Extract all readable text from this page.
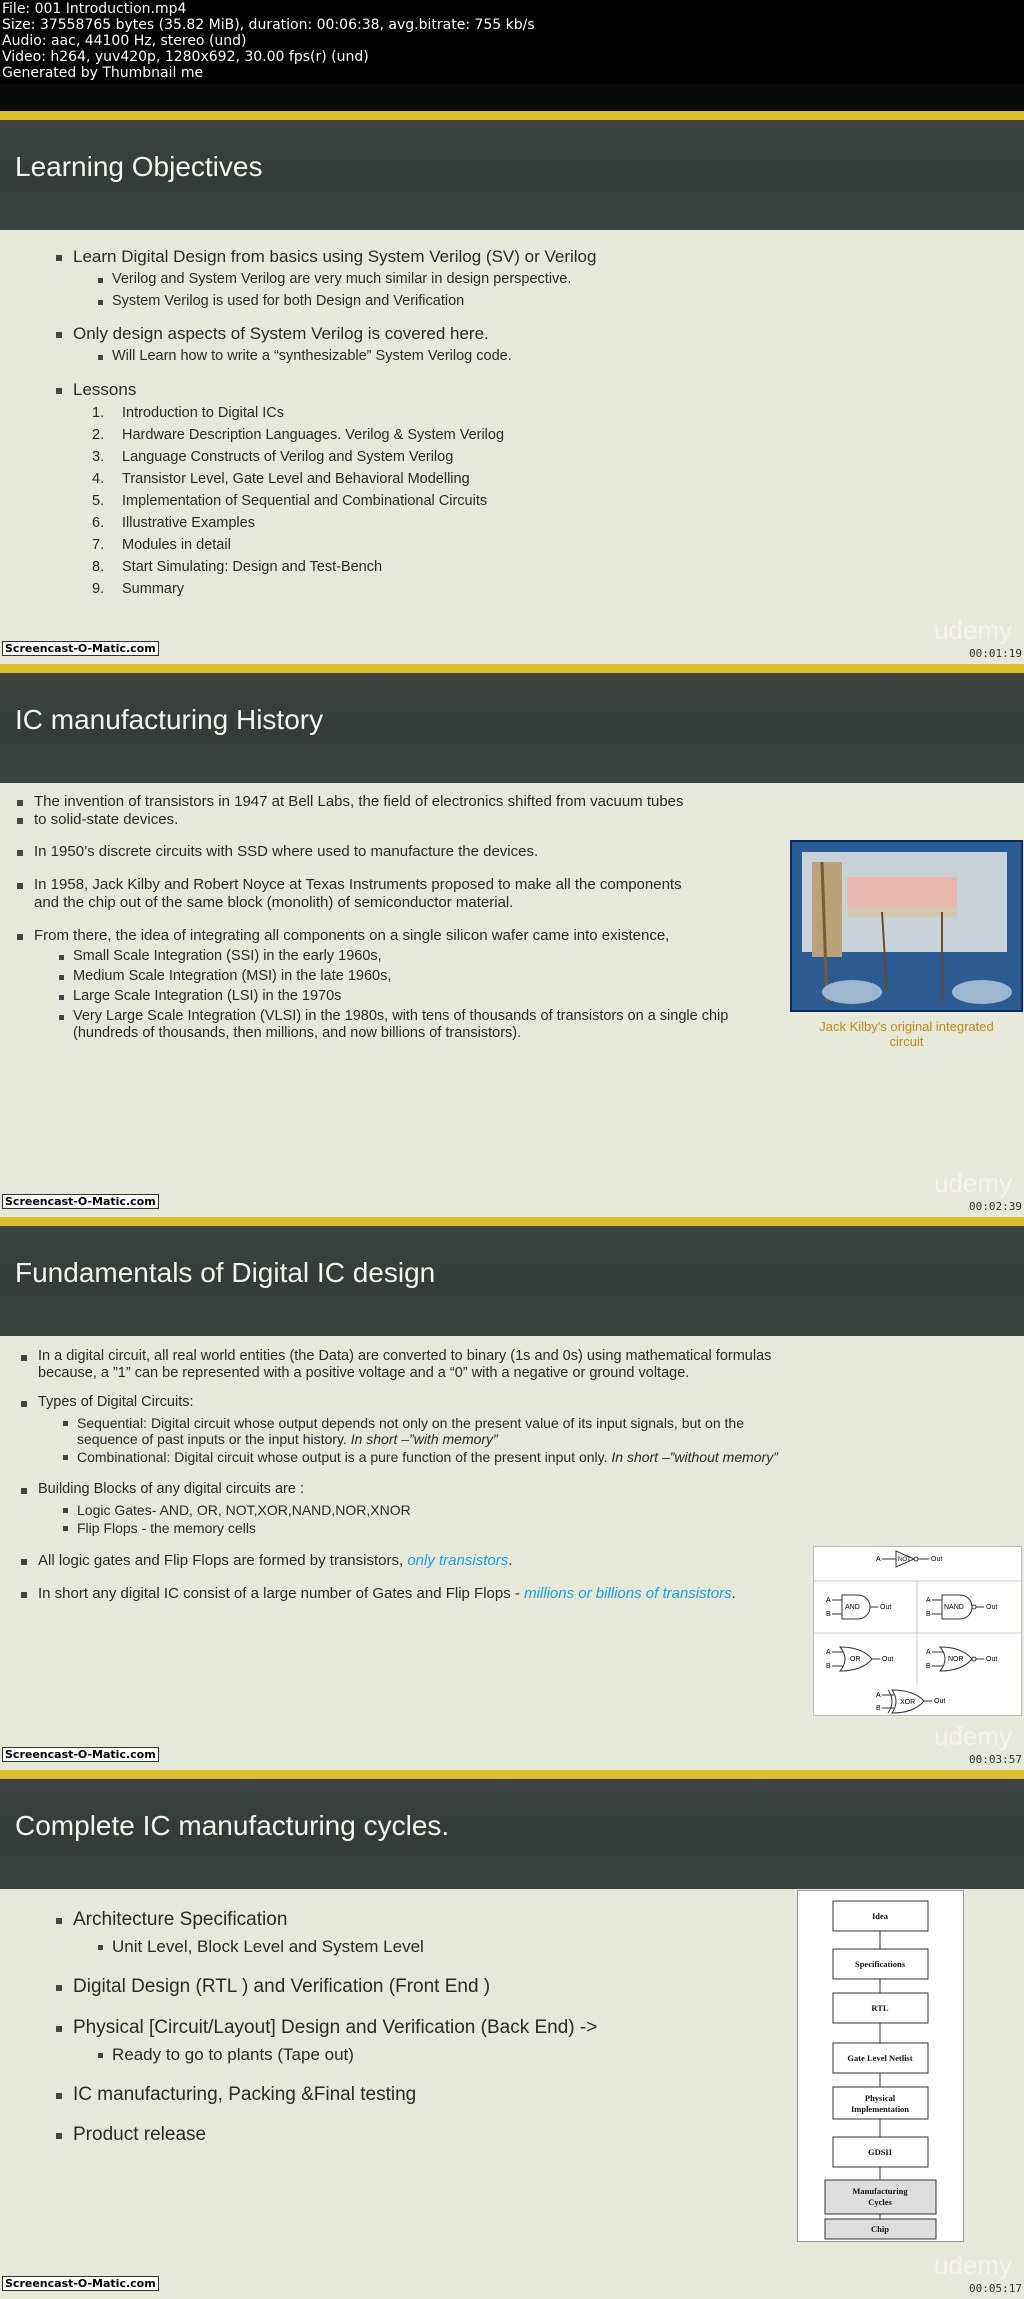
File: 001 Introduction.mp4
Size: 37558765 bytes (35.82 MiB), duration: 00:06:38, avg.bitrate: 755 kb/s
Audio: aac, 44100 Hz, stereo (und)
Video: h264, yuv420p, 1280x692, 30.00 fps(r) (und)
Generated by Thumbnail me
Learning Objectives
Learn Digital Design from basics using System Verilog (SV) or Verilog
Verilog and System Verilog are very much similar in design perspective.
System Verilog is used for both Design and Verification
Only design aspects of System Verilog is covered here.
Will Learn how to write a “synthesizable” System Verilog code.
Lessons
1. Introduction to Digital ICs
2. Hardware Description Languages. Verilog & System Verilog
3. Language Constructs of Verilog and System Verilog
4. Transistor Level, Gate Level and Behavioral Modelling
5. Implementation of Sequential and Combinational Circuits
6. Illustrative Examples
7. Modules in detail
8. Start Simulating: Design and Test-Bench
9. Summary
udemy
Screencast-O-Matic.com	00:01:19
IC manufacturing History
The invention of transistors in 1947 at Bell Labs, the field of electronics shifted from vacuum tubes
to solid-state devices.
In 1950’s discrete circuits with SSD where used to manufacture the devices.
In 1958, Jack Kilby and Robert Noyce at Texas Instruments proposed to make all the components
and the chip out of the same block (monolith) of semiconductor material.
From there, the idea of integrating all components on a single silicon wafer came into existence,
Small Scale Integration (SSI) in the early 1960s,
Medium Scale Integration (MSI) in the late 1960s,
Large Scale Integration (LSI) in the 1970s
Very Large Scale Integration (VLSI) in the 1980s, with tens of thousands of transistors on a single chip
(hundreds of thousands, then millions, and now billions of transistors).	Jack Kilby's original integrated
circuit
udemy
Screencast-O-Matic.com	00:02:39
Fundamentals of Digital IC design
In a digital circuit, all real world entities (the Data) are converted to binary (1s and 0s) using mathematical formulas
because, a ”1” can be represented with a positive voltage and a “0” with a negative or ground voltage.
Types of Digital Circuits:
Sequential: Digital circuit whose output depends not only on the present value of its input signals, but on the
sequence of past inputs or the input history. In short –”with memory”
Combinational: Digital circuit whose output is a pure function of the present input only. In short –”without memory”
Building Blocks of any digital circuits are :
Logic Gates- AND, OR, NOT,XOR,NAND,NOR,XNOR
Flip Flops - the memory cells
All logic gates and Flip Flops are formed by transistors, only transistors.
In short any digital IC consist of a large number of Gates and Flip Flops - millions or billions of transistors.
A	NOT	Out
A
B
AND	Out
A
B
NAND	Out
A
B
OR	Out
A
B
NOR	Out
A
B
XOR	Out
udemy
Screencast-O-Matic.com	00:03:57
Complete IC manufacturing cycles.
Architecture Specification
Unit Level, Block Level and System Level
Digital Design (RTL ) and Verification (Front End )
Physical [Circuit/Layout] Design and Verification (Back End) ->
Ready to go to plants (Tape out)
IC manufacturing, Packing &Final testing
Product release
Idea
Specifications
RTL
Gate Level Netlist
Physical
Implementation
GDSII
Manufacturing
Cycles
Chip
udemy
Screencast-O-Matic.com	00:05:17
